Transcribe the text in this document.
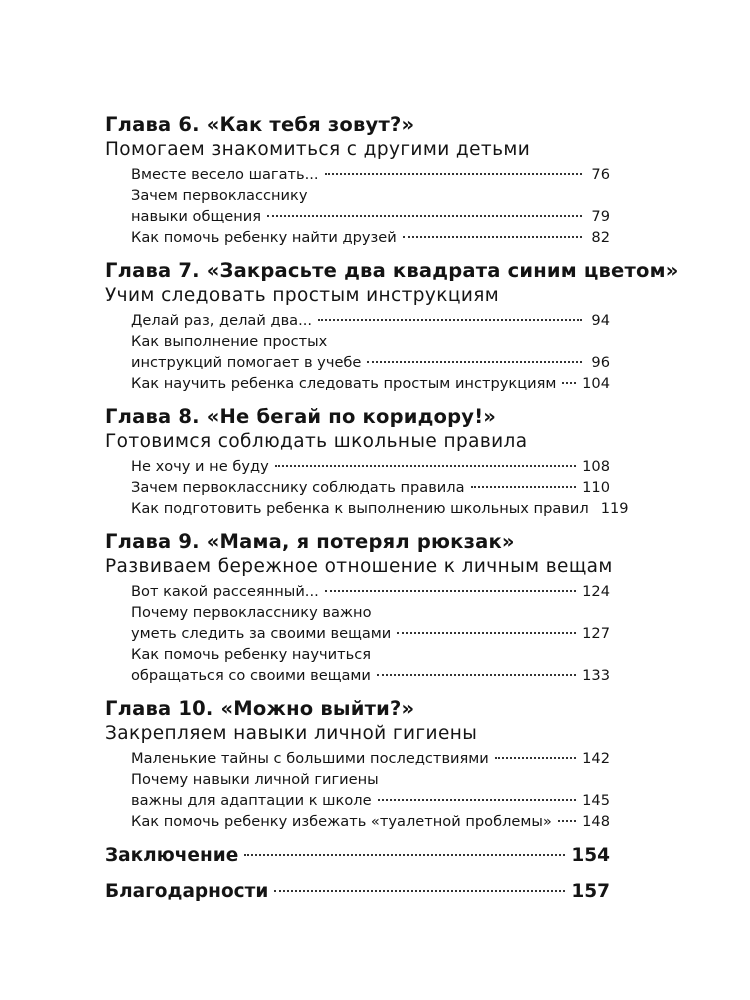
Глава 6. «Как тебя зовут?»
Помогаем знакомиться с другими детьми
Вместе весело шагать...	76
Зачем первокласснику
навыки общения	79
Как помочь ребенку найти друзей	82
Глава 7. «Закрасьте два квадрата синим цветом»
Учим следовать простым инструкциям
Делай раз, делай два...	94
Как выполнение простых
инструкций помогает в учебе	96
Как научить ребенка следовать простым инструкциям 104
Глава 8. «Не бегай по коридору!»
Готовимся соблюдать школьные правила
Не хочу и не буду	108
Зачем первокласснику соблюдать правила	110
Как подготовить ребенка к выполнению школьных правил 119
Глава 9. «Мама, я потерял рюкзак»
Развиваем бережное отношение к личным вещам
Вот какой рассеянный...	124
Почему первокласснику важно
уметь следить за своими вещами	127
Как помочь ребенку научиться
обращаться со своими вещами	133
Глава 10. «Можно выйти?»
Закрепляем навыки личной гигиены
Маленькие тайны с большими последствиями	142
Почему навыки личной гигиены
важны для адаптации к школе	145
Как помочь ребенку избежать «туалетной проблемы» 148
Заключение	154
Благодарности	157
